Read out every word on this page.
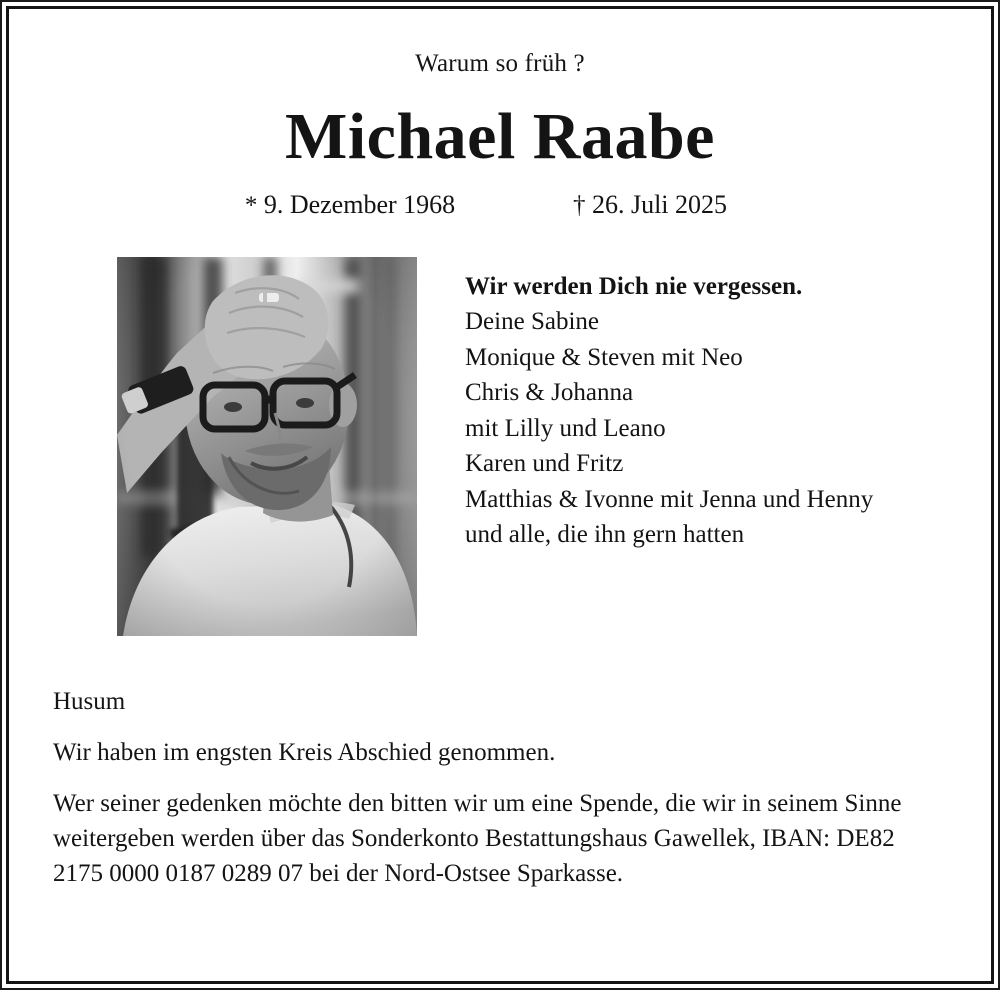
Warum so früh ?
Michael Raabe
* 9. Dezember 1968	† 26. Juli 2025
Wir werden Dich nie vergessen.
Deine Sabine
Monique & Steven mit Neo
Chris & Johanna
mit Lilly und Leano
Karen und Fritz
Matthias & Ivonne mit Jenna und Henny
und alle, die ihn gern hatten

Husum

Wir haben im engsten Kreis Abschied genommen.

Wer seiner gedenken möchte den bitten wir um eine Spende, die wir in seinem Sinne weitergeben werden über das Sonderkonto Bestattungshaus Gawellek, IBAN: DE82 2175 0000 0187 0289 07 bei der Nord-Ostsee Sparkasse.
